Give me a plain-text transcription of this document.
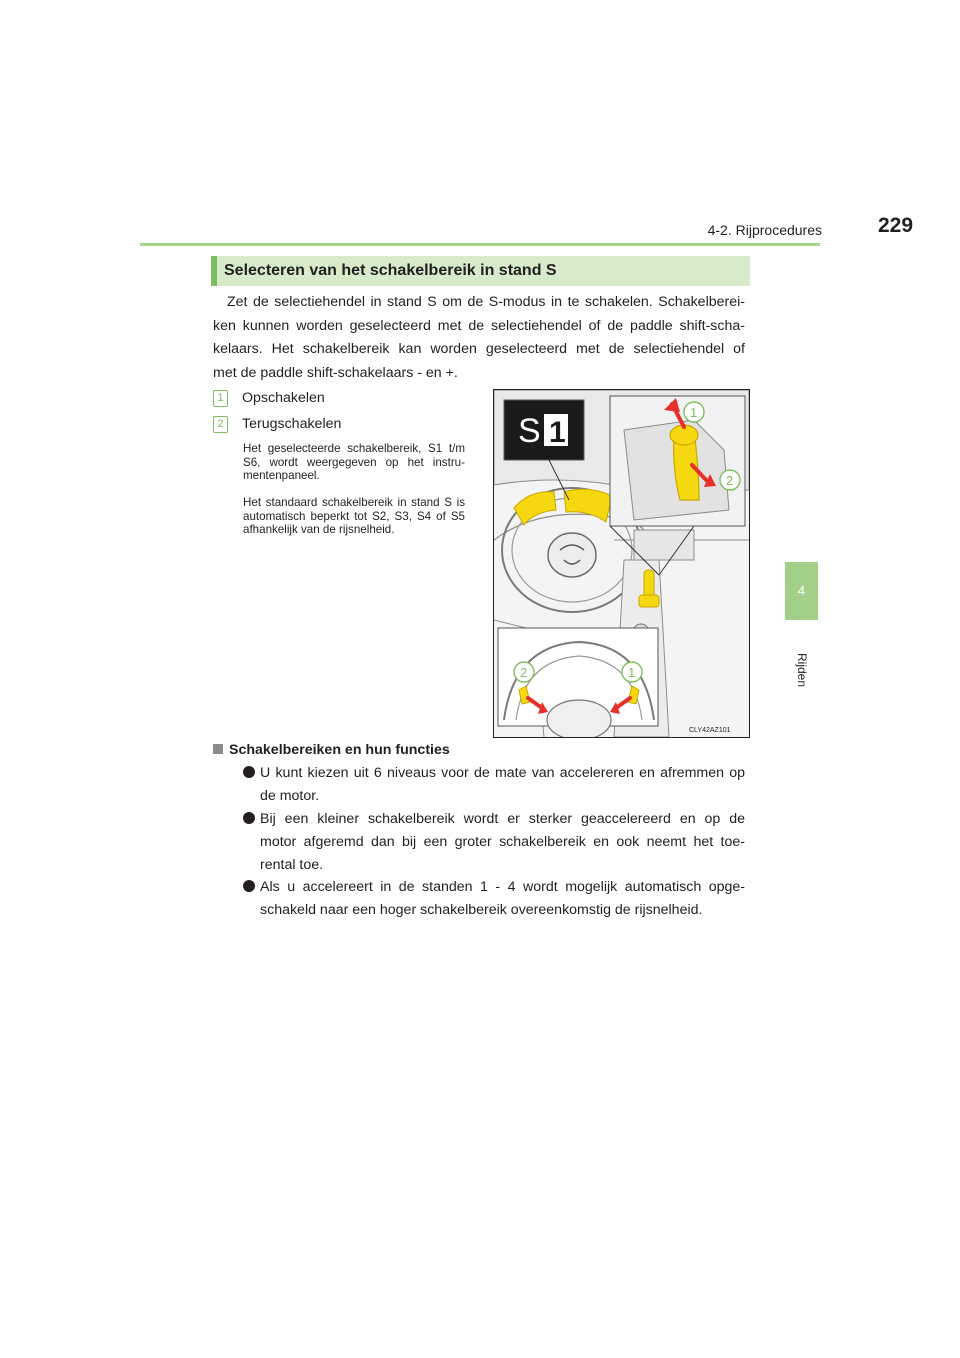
4-2. Rijprocedures	229
4
Rijden
Selecteren van het schakelbereik in stand S

Zet de selectiehendel in stand S om de S-modus in te schakelen. Schakelberei-
ken kunnen worden geselecteerd met de selectiehendel of de paddle shift-scha-
kelaars. Het schakelbereik kan worden geselecteerd met de selectiehendel of
met de paddle shift-schakelaars - en +.

1 Opschakelen
2 Terugschakelen

Het geselecteerde schakelbereik, S1 t/m S6, wordt weergegeven op het instru-mentenpaneel.

Het standaard schakelbereik in stand S is automatisch beperkt tot S2, S3, S4 of S5 afhankelijk van de rijsnelheid.

S 1
1
2
2	1
CLY42AZ101
Schakelbereiken en hun functies
U kunt kiezen uit 6 niveaus voor de mate van accelereren en afremmen op
de motor.
Bij een kleiner schakelbereik wordt er sterker geaccelereerd en op de
motor afgeremd dan bij een groter schakelbereik en ook neemt het toe-
rental toe.
Als u accelereert in de standen 1 - 4 wordt mogelijk automatisch opge-
schakeld naar een hoger schakelbereik overeenkomstig de rijsnelheid.
